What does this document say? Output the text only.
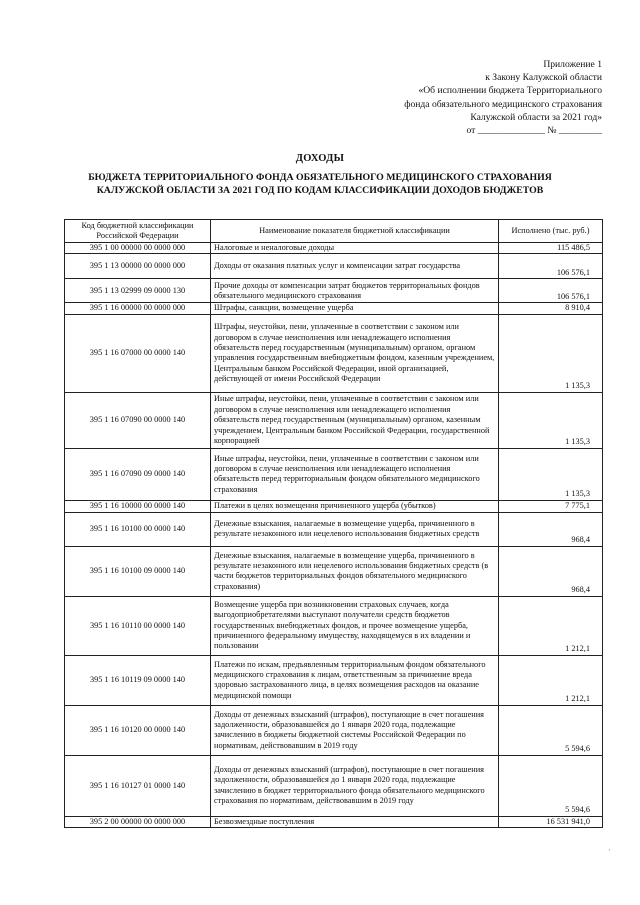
Приложение 1
к Закону Калужской области
«Об исполнении бюджета Территориального
фонда обязательного медицинского страхования
Калужской области за 2021 год»
от ______________ № _________
ДОХОДЫ
БЮДЖЕТА ТЕРРИТОРИАЛЬНОГО ФОНДА ОБЯЗАТЕЛЬНОГО МЕДИЦИНСКОГО СТРАХОВАНИЯ
КАЛУЖСКОЙ ОБЛАСТИ ЗА 2021 ГОД ПО КОДАМ КЛАССИФИКАЦИИ ДОХОДОВ БЮДЖЕТОВ
Код бюджетной классификации Российской Федерации	Наименование показателя бюджетной классификации	Исполнено (тыс. руб.)
395 1 00 00000 00 0000 000	Налоговые и неналоговые доходы	115 486,5
395 1 13 00000 00 0000 000	Доходы от оказания платных услуг и компенсации затрат государства	106 576,1
395 1 13 02999 09 0000 130	Прочие доходы от компенсации затрат бюджетов территориальных фондов обязательного медицинского страхования	106 576,1
395 1 16 00000 00 0000 000	Штрафы, санкции, возмещение ущерба	8 910,4
395 1 16 07000 00 0000 140	Штрафы, неустойки, пени, уплаченные в соответствии с законом или договором в случае неисполнения или ненадлежащего исполнения обязательств перед государственным (муниципальным) органом, органом управления государственным внебюджетным фондом, казенным учреждением, Центральным банком Российской Федерации, иной организацией, действующей от имени Российской Федерации	1 135,3
395 1 16 07090 00 0000 140	Иные штрафы, неустойки, пени, уплаченные в соответствии с законом или договором в случае неисполнения или ненадлежащего исполнения обязательств перед государственным (муниципальным) органом, казенным учреждением, Центральным банком Российской Федерации, государственной корпорацией	1 135,3
395 1 16 07090 09 0000 140	Иные штрафы, неустойки, пени, уплаченные в соответствии с законом или договором в случае неисполнения или ненадлежащего исполнения обязательств перед территориальным фондом обязательного медицинского страхования	1 135,3
395 1 16 10000 00 0000 140	Платежи в целях возмещения причиненного ущерба (убытков)	7 775,1
395 1 16 10100 00 0000 140	Денежные взыскания, налагаемые в возмещение ущерба, причиненного в результате незаконного или нецелевого использования бюджетных средств	968,4
395 1 16 10100 09 0000 140	Денежные взыскания, налагаемые в возмещение ущерба, причиненного в результате незаконного или нецелевого использования бюджетных средств (в части бюджетов территориальных фондов обязательного медицинского страхования)	968,4
395 1 16 10110 00 0000 140	Возмещение ущерба при возникновении страховых случаев, когда выгодоприобретателями выступают получатели средств бюджетов государственных внебюджетных фондов, и прочее возмещение ущерба, причиненного федеральному имуществу, находящемуся в их владении и пользовании	1 212,1
395 1 16 10119 09 0000 140	Платежи по искам, предъявленным территориальным фондом обязательного медицинского страхования к лицам, ответственным за причинение вреда здоровью застрахованного лица, в целях возмещения расходов на оказание медицинской помощи	1 212,1
395 1 16 10120 00 0000 140	Доходы от денежных взысканий (штрафов), поступающие в счет погашения задолженности, образовавшейся до 1 января 2020 года, подлежащие зачислению в бюджеты бюджетной системы Российской Федерации по нормативам, действовавшим в 2019 году	5 594,6
395 1 16 10127 01 0000 140	Доходы от денежных взысканий (штрафов), поступающие в счет погашения задолженности, образовавшейся до 1 января 2020 года, подлежащие зачислению в бюджет территориального фонда обязательного медицинского страхования по нормативам, действовавшим в 2019 году	5 594,6
395 2 00 00000 00 0000 000	Безвозмездные поступления	16 531 941,0
·
